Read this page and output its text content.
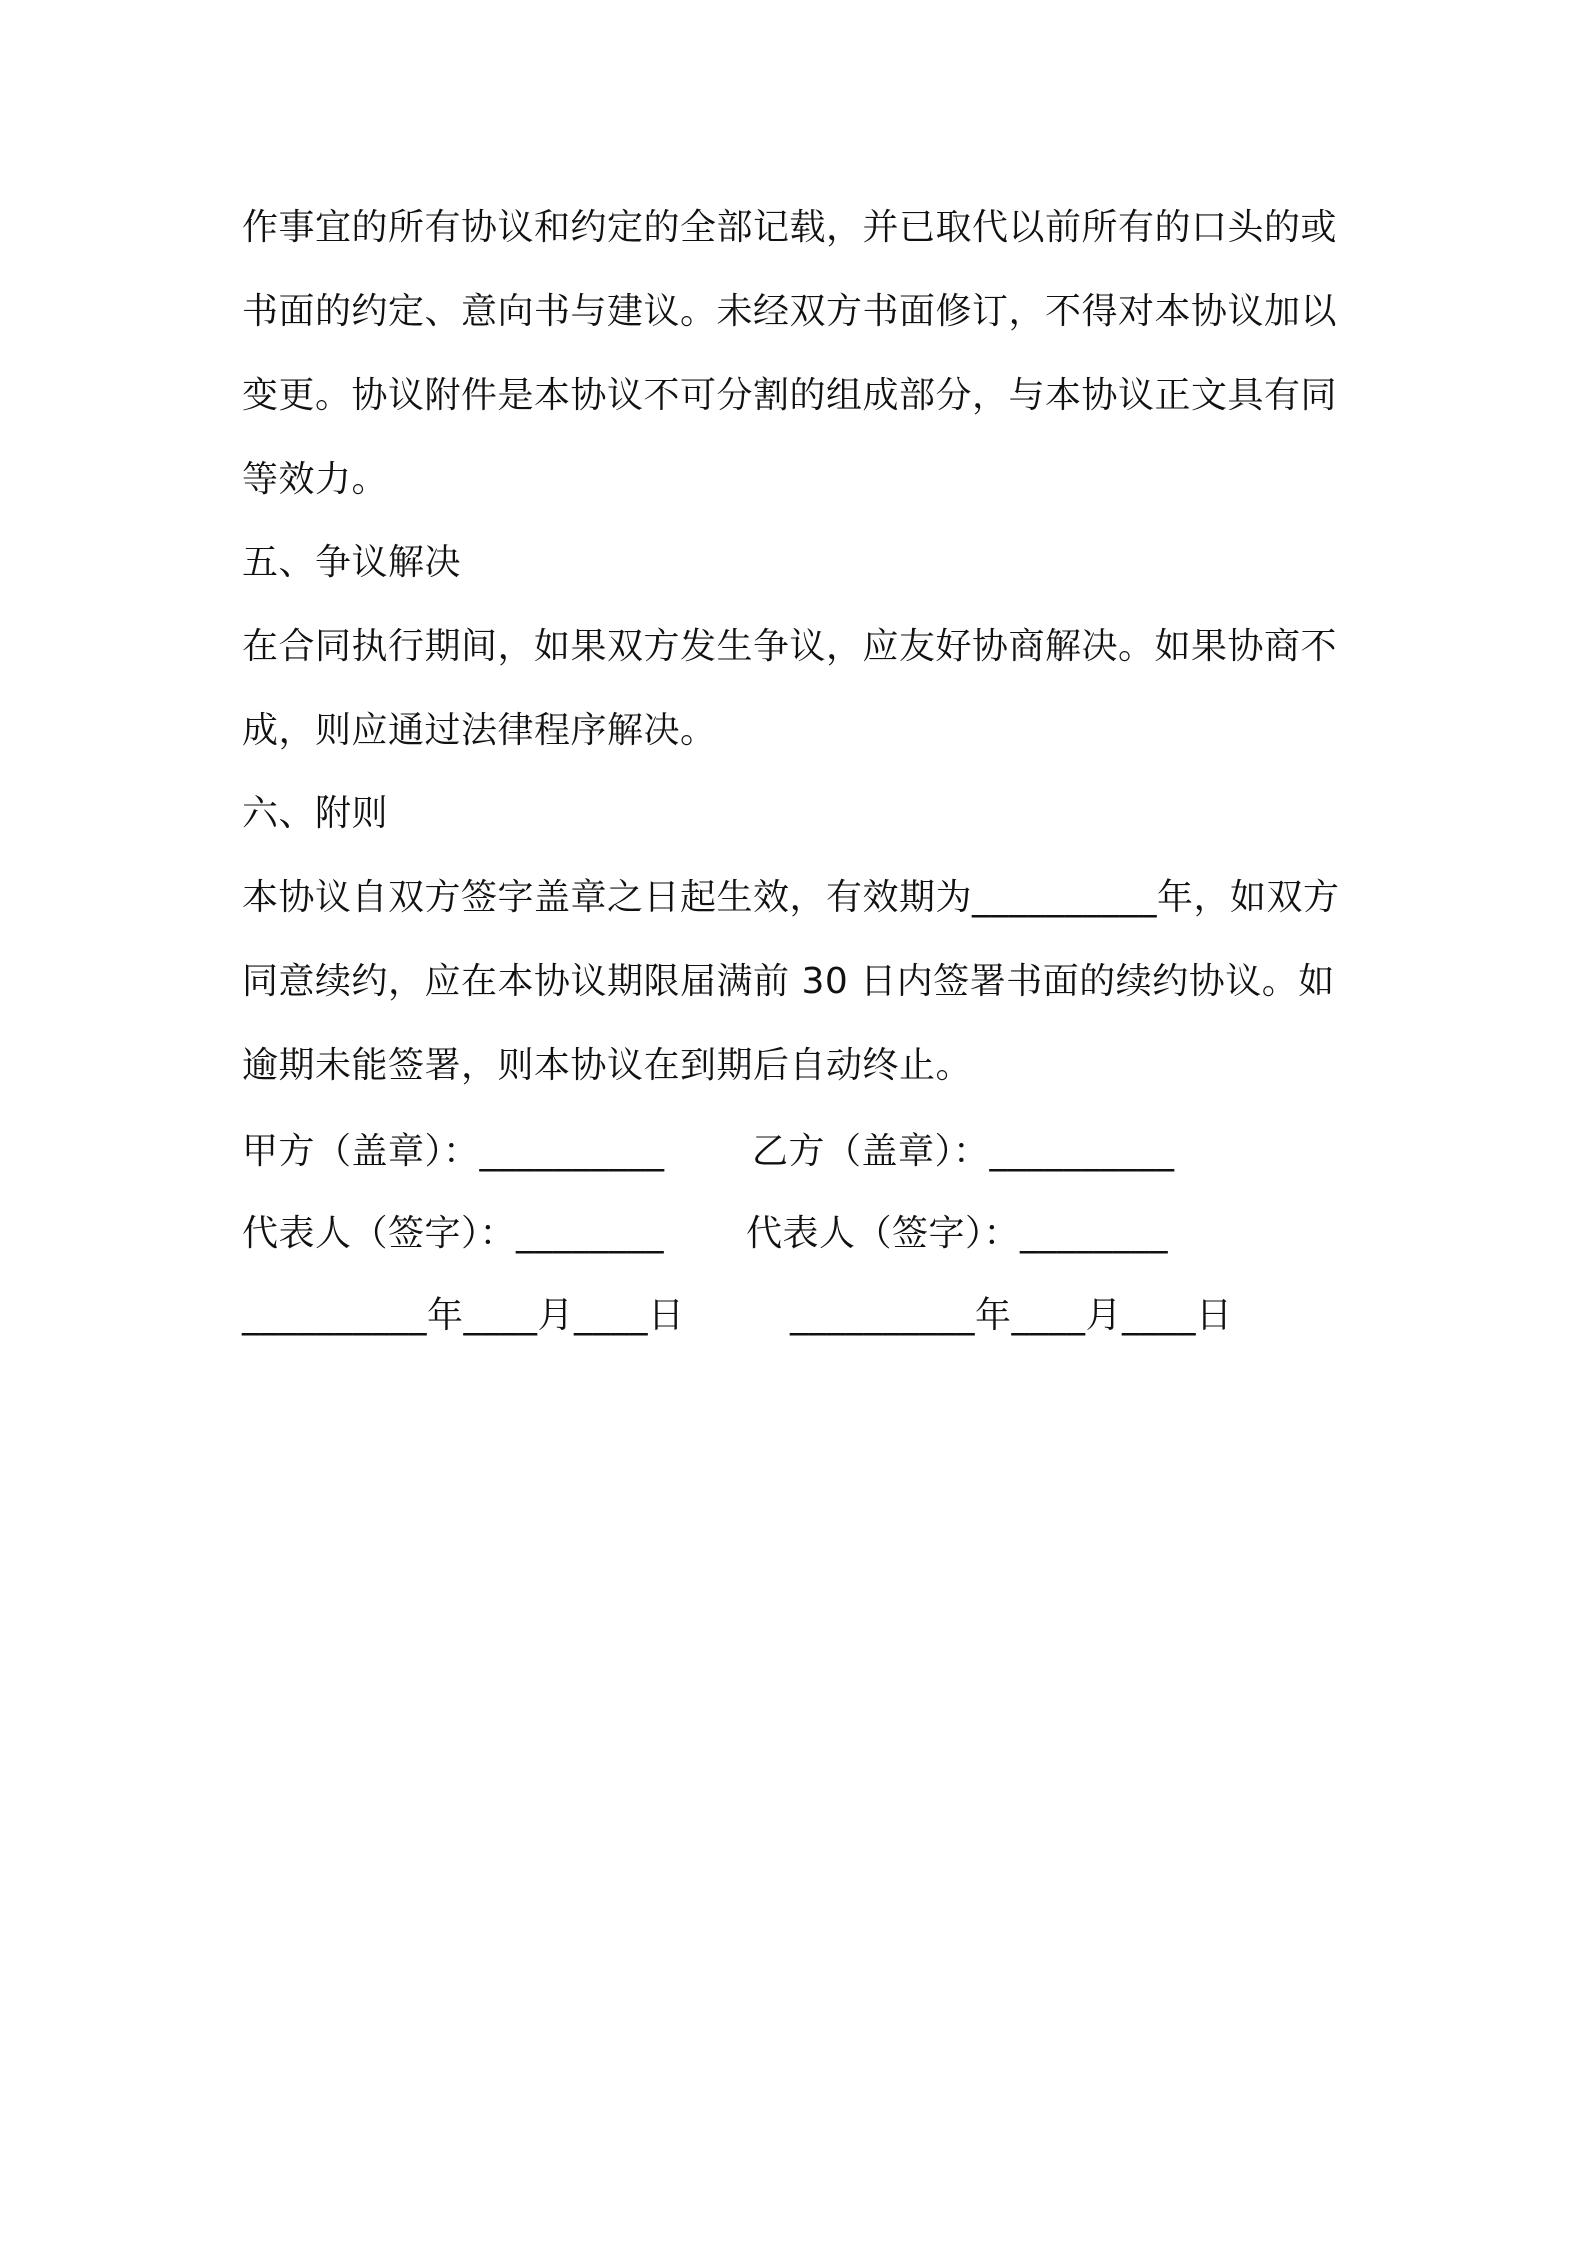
作事宜的所有协议和约定的全部记载，并已取代以前所有的口头的或
书面的约定、意向书与建议。未经双方书面修订，不得对本协议加以
变更。协议附件是本协议不可分割的组成部分，与本协议正文具有同
等效力。
五、争议解决
在合同执行期间，如果双方发生争议，应友好协商解决。如果协商不
成，则应通过法律程序解决。
六、附则
本协议自双方签字盖章之日起生效，有效期为__________年，如双方
同意续约，应在本协议期限届满前 30 日内签署书面的续约协议。如
逾期未能签署，则本协议在到期后自动终止。
甲方（盖章）：__________ 乙方（盖章）：__________
代表人（签字）：________ 代表人（签字）：________
__________年____月____日	__________年____月____日
